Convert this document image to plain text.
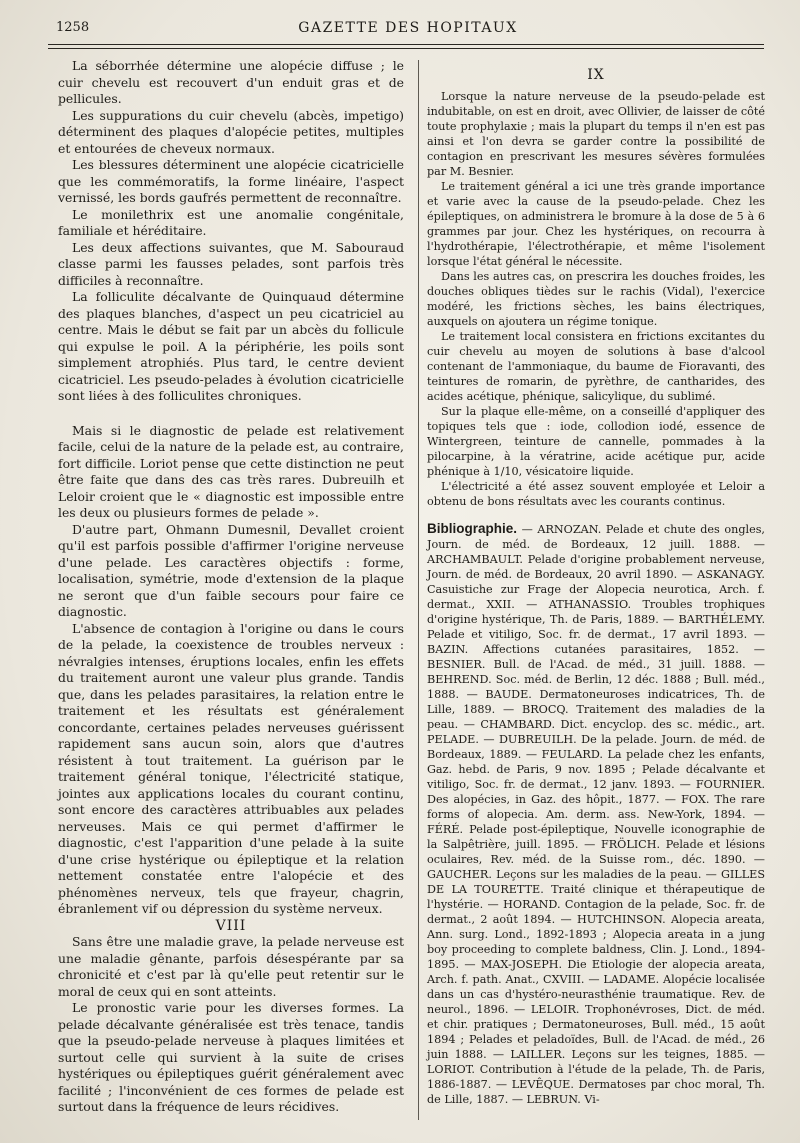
1258	GAZETTE DES HOPITAUX

La séborrhée détermine une alopécie diffuse ; le cuir chevelu est recouvert d'un enduit gras et de pellicules.

Les suppurations du cuir chevelu (abcès, impetigo) déterminent des plaques d'alopécie petites, multiples et entourées de cheveux normaux.

Les blessures déterminent une alopécie cicatricielle que les commémoratifs, la forme linéaire, l'aspect vernissé, les bords gaufrés permettent de reconnaître.

Le monilethrix est une anomalie congénitale, familiale et héréditaire.

Les deux affections suivantes, que M. Sabouraud classe parmi les fausses pelades, sont parfois très difficiles à reconnaître.

La folliculite décalvante de Quinquaud détermine des plaques blanches, d'aspect un peu cicatriciel au centre. Mais le début se fait par un abcès du follicule qui expulse le poil. A la périphérie, les poils sont simplement atrophiés. Plus tard, le centre devient cicatriciel. Les pseudo-pelades à évolution cicatricielle sont liées à des folliculites chroniques.

Mais si le diagnostic de pelade est relativement facile, celui de la nature de la pelade est, au contraire, fort difficile. Loriot pense que cette distinction ne peut être faite que dans des cas très rares. Dubreuilh et Leloir croient que le « diagnostic est impossible entre les deux ou plusieurs formes de pelade ».

D'autre part, Ohmann Dumesnil, Devallet croient qu'il est parfois possible d'affirmer l'origine nerveuse d'une pelade. Les caractères objectifs : forme, localisation, symétrie, mode d'extension de la plaque ne seront que d'un faible secours pour faire ce diagnostic.

L'absence de contagion à l'origine ou dans le cours de la pelade, la coexistence de troubles nerveux : névralgies intenses, éruptions locales, enfin les effets du traitement auront une valeur plus grande. Tandis que, dans les pelades parasitaires, la relation entre le traitement et les résultats est généralement concordante, certaines pelades nerveuses guérissent rapidement sans aucun soin, alors que d'autres résistent à tout traitement. La guérison par le traitement général tonique, l'électricité statique, jointes aux applications locales du courant continu, sont encore des caractères attribuables aux pelades nerveuses. Mais ce qui permet d'affirmer le diagnostic, c'est l'apparition d'une pelade à la suite d'une crise hystérique ou épileptique et la relation nettement constatée entre l'alopécie et des phénomènes nerveux, tels que frayeur, chagrin, ébranlement vif ou dépression du système nerveux.

VIII

Sans être une maladie grave, la pelade nerveuse est une maladie gênante, parfois désespérante par sa chronicité et c'est par là qu'elle peut retentir sur le moral de ceux qui en sont atteints.

Le pronostic varie pour les diverses formes. La pelade décalvante généralisée est très tenace, tandis que la pseudo-pelade nerveuse à plaques limitées et surtout celle qui survient à la suite de crises hystériques ou épileptiques guérit généralement avec facilité ; l'inconvénient de ces formes de pelade est surtout dans la fréquence de leurs récidives.

IX

Lorsque la nature nerveuse de la pseudo-pelade est indubitable, on est en droit, avec Ollivier, de laisser de côté toute prophylaxie ; mais la plupart du temps il n'en est pas ainsi et l'on devra se garder contre la possibilité de contagion en prescrivant les mesures sévères formulées par M. Besnier.

Le traitement général a ici une très grande importance et varie avec la cause de la pseudo-pelade. Chez les épileptiques, on administrera le bromure à la dose de 5 à 6 grammes par jour. Chez les hystériques, on recourra à l'hydrothérapie, l'électrothérapie, et même l'isolement lorsque l'état général le nécessite.

Dans les autres cas, on prescrira les douches froides, les douches obliques tièdes sur le rachis (Vidal), l'exercice modéré, les frictions sèches, les bains électriques, auxquels on ajoutera un régime tonique.

Le traitement local consistera en frictions excitantes du cuir chevelu au moyen de solutions à base d'alcool contenant de l'ammoniaque, du baume de Fioravanti, des teintures de romarin, de pyrèthre, de cantharides, des acides acétique, phénique, salicylique, du sublimé.

Sur la plaque elle-même, on a conseillé d'appliquer des topiques tels que : iode, collodion iodé, essence de Wintergreen, teinture de cannelle, pommades à la pilocarpine, à la vératrine, acide acétique pur, acide phénique à 1/10, vésicatoire liquide.

L'électricité a été assez souvent employée et Leloir a obtenu de bons résultats avec les courants continus.

Bibliographie. — ARNOZAN. Pelade et chute des ongles, Journ. de méd. de Bordeaux, 12 juill. 1888. — ARCHAMBAULT. Pelade d'origine probablement nerveuse, Journ. de méd. de Bordeaux, 20 avril 1890. — ASKANAGY. Casuistiche zur Frage der Alopecia neurotica, Arch. f. dermat., XXII. — ATHANASSIO. Troubles trophiques d'origine hystérique, Th. de Paris, 1889. — BARTHÉLEMY. Pelade et vitiligo, Soc. fr. de dermat., 17 avril 1893. — BAZIN. Affections cutanées parasitaires, 1852. — BESNIER. Bull. de l'Acad. de méd., 31 juill. 1888. — BEHREND. Soc. méd. de Berlin, 12 déc. 1888 ; Bull. méd., 1888. — BAUDE. Dermatoneuroses indicatrices, Th. de Lille, 1889. — BROCQ. Traitement des maladies de la peau. — CHAMBARD. Dict. encyclop. des sc. médic., art. PELADE. — DUBREUILH. De la pelade. Journ. de méd. de Bordeaux, 1889. — FEULARD. La pelade chez les enfants, Gaz. hebd. de Paris, 9 nov. 1895 ; Pelade décalvante et vitiligo, Soc. fr. de dermat., 12 janv. 1893. — FOURNIER. Des alopécies, in Gaz. des hôpit., 1877. — FOX. The rare forms of alopecia. Am. derm. ass. New-York, 1894. — FÉRÉ. Pelade post-épileptique, Nouvelle iconographie de la Salpêtrière, juill. 1895. — FRÖLICH. Pelade et lésions oculaires, Rev. méd. de la Suisse rom., déc. 1890. — GAUCHER. Leçons sur les maladies de la peau. — GILLES DE LA TOURETTE. Traité clinique et thérapeutique de l'hystérie. — HORAND. Contagion de la pelade, Soc. fr. de dermat., 2 août 1894. — HUTCHINSON. Alopecia areata, Ann. surg. Lond., 1892-1893 ; Alopecia areata in a jung boy proceeding to complete baldness, Clin. J. Lond., 1894-1895. — MAX-JOSEPH. Die Etiologie der alopecia areata, Arch. f. path. Anat., CXVIII. — LADAME. Alopécie localisée dans un cas d'hystéro-neurasthénie traumatique. Rev. de neurol., 1896. — LELOIR. Trophonévroses, Dict. de méd. et chir. pratiques ; Dermatoneuroses, Bull. méd., 15 août 1894 ; Pelades et peladoïdes, Bull. de l'Acad. de méd., 26 juin 1888. — LAILLER. Leçons sur les teignes, 1885. — LORIOT. Contribution à l'étude de la pelade, Th. de Paris, 1886-1887. — LEVÊQUE. Dermatoses par choc moral, Th. de Lille, 1887. — LEBRUN. Vi-
